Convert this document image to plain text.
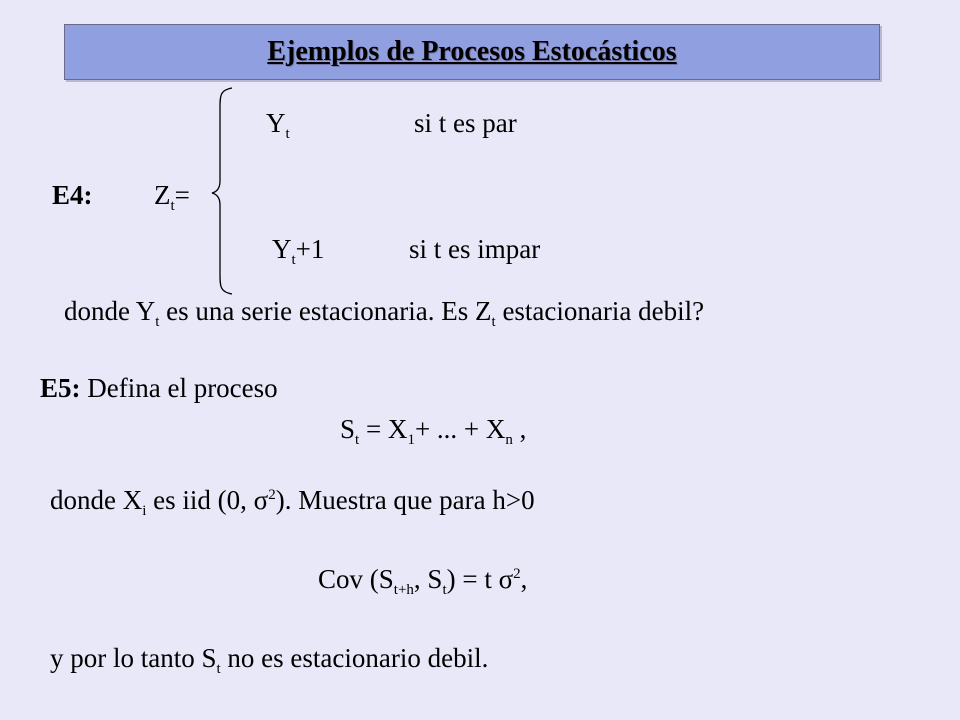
Ejemplos de Procesos Estocásticos
$Y_t$	si t es par
E4: $Z_t=$
$Y_t+1$	si t es impar
donde $Y_t$ es una serie estacionaria. Es $Z_t$ estacionaria debil?
E5: Defina el proceso
$S_t = X_1+$ ... + $X_n$ ,
donde $X_i$ es iid (0, $\sigma^2$). Muestra que para h>0
Cov ($S_{t+h}$, $S_t) = t$ $\sigma^2$,
y por lo tanto $S_t$ no es estacionario debil.
